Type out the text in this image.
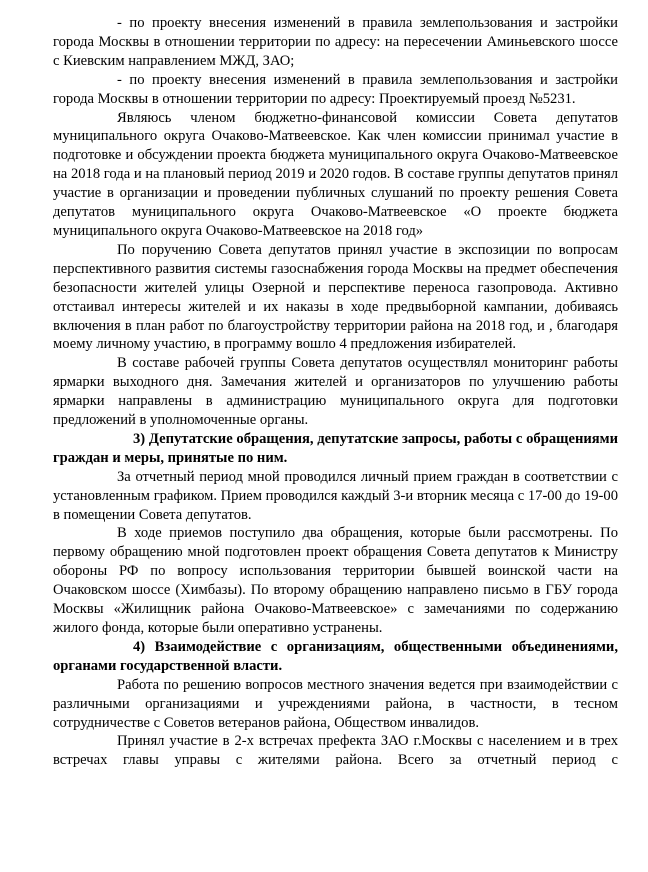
- по проекту внесения изменений в правила землепользования и застройки города Москвы в отношении территории по адресу: на пересечении Аминьевского шоссе с Киевским направлением МЖД, ЗАО;

- по проекту внесения изменений в правила землепользования и застройки города Москвы в отношении территории по адресу: Проектируемый проезд №5231.

Являюсь членом бюджетно-финансовой комиссии Совета депутатов муниципального округа Очаково-Матвеевское. Как член комиссии принимал участие в подготовке и обсуждении проекта бюджета муниципального округа Очаково-Матвеевское на 2018 года и на плановый период 2019 и 2020 годов. В составе группы депутатов принял участие в организации и проведении публичных слушаний по проекту решения Совета депутатов муниципального округа Очаково-Матвеевское «О проекте бюджета муниципального округа Очаково-Матвеевское на 2018 год»

По поручению Совета депутатов принял участие в экспозиции по вопросам перспективного развития системы газоснабжения города Москвы на предмет обеспечения безопасности жителей улицы Озерной и перспективе переноса газопровода. Активно отстаивал интересы жителей и их наказы в ходе предвыборной кампании, добиваясь включения в план работ по благоустройству территории района на 2018 год, и , благодаря моему личному участию, в программу вошло 4 предложения избирателей.

В составе рабочей группы Совета депутатов осуществлял мониторинг работы ярмарки выходного дня. Замечания жителей и организаторов по улучшению работы ярмарки направлены в администрацию муниципального округа для подготовки предложений в уполномоченные органы.

3) Депутатские обращения, депутатские запросы, работы с обращениями граждан и меры, принятые по ним.

За отчетный период мной проводился личный прием граждан в соответствии с установленным графиком. Прием проводился каждый 3-и вторник месяца с 17-00 до 19-00 в помещении Совета депутатов.

В ходе приемов поступило два обращения, которые были рассмотрены. По первому обращению мной подготовлен проект обращения Совета депутатов к Министру обороны РФ по вопросу использования территории бывшей воинской части на Очаковском шоссе (Химбазы). По второму обращению направлено письмо в ГБУ города Москвы «Жилищник района Очаково-Матвеевское» с замечаниями по содержанию жилого фонда, которые были оперативно устранены.

4) Взаимодействие с организациям, общественными объединениями, органами государственной власти.

Работа по решению вопросов местного значения ведется при взаимодействии с различными организациями и учреждениями района, в частности, в тесном сотрудничестве с Советов ветеранов района, Обществом инвалидов.

Принял участие в 2-х встречах префекта ЗАО г.Москвы с населением и в трех встречах главы управы с жителями района. Всего за отчетный период с
